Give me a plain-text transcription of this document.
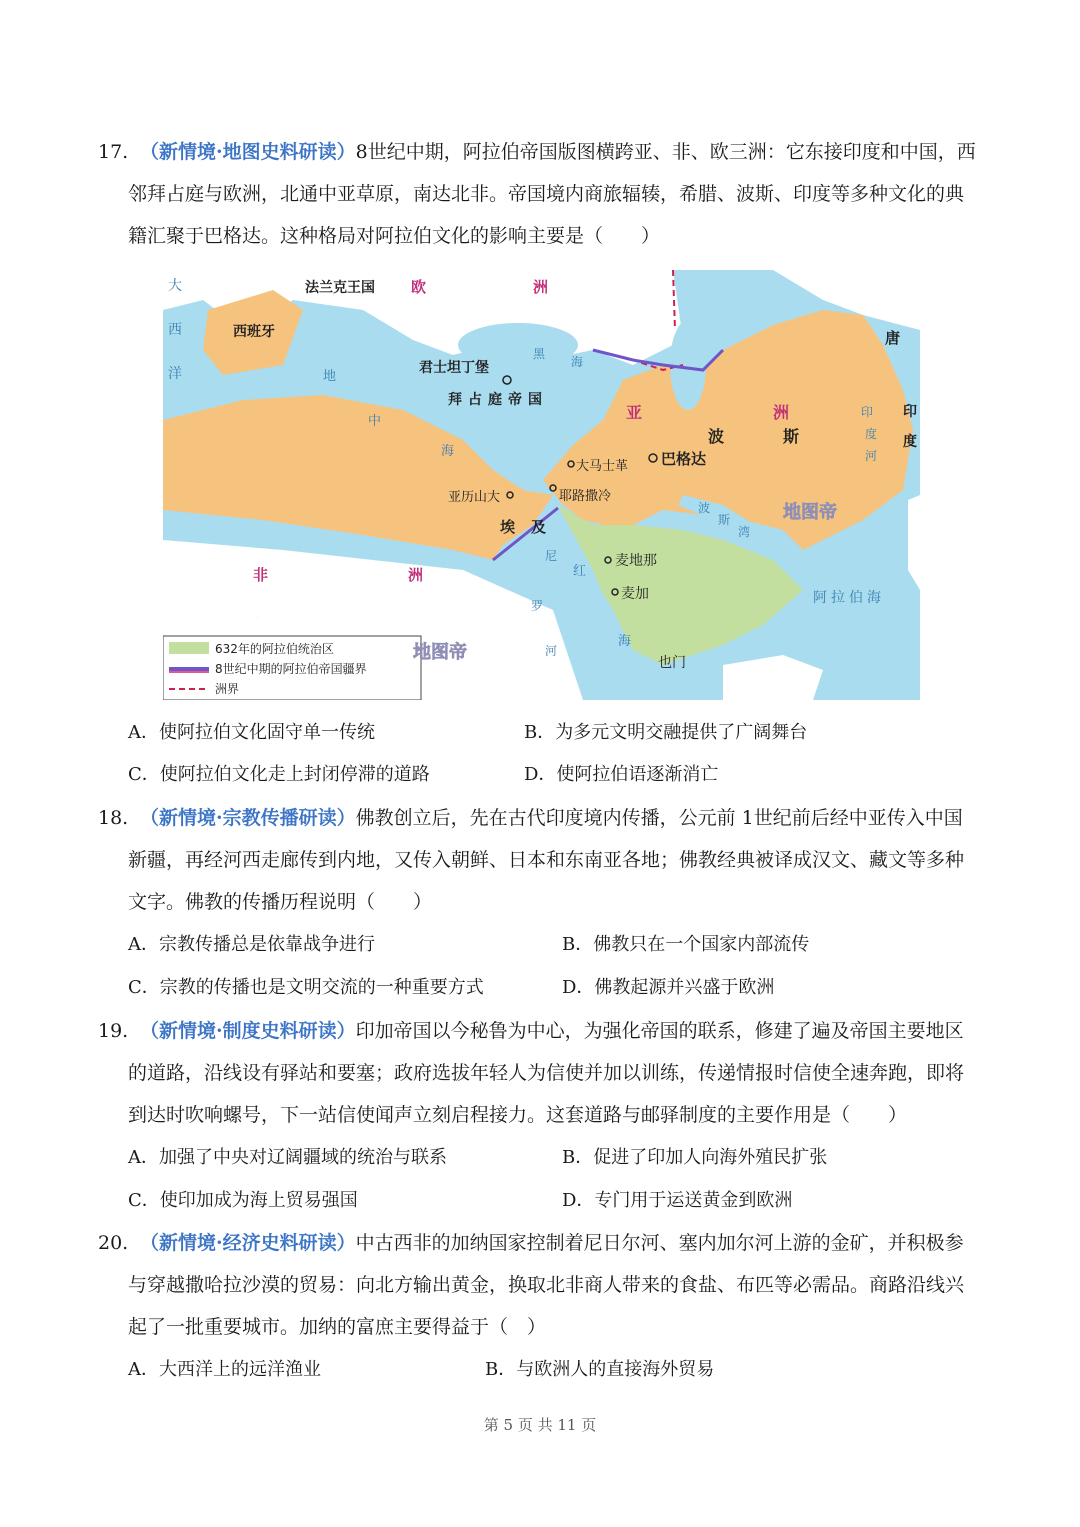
17. （新情境·地图史料研读）8世纪中期，阿拉伯帝国版图横跨亚、非、欧三洲：它东接印度和中国，西
邻拜占庭与欧洲，北通中亚草原，南达北非。帝国境内商旅辐辏，希腊、波斯、印度等多种文化的典
籍汇聚于巴格达。这种格局对阿拉伯文化的影响主要是（　　）
法兰克王国 欧	洲
西班牙
大
西
洋	君士坦丁堡
拜占庭帝国
黑
海
地
中
海
亚	洲
波	斯
巴格达
大马士革
耶路撒冷
亚历山大
埃 及
非	洲
麦地那
麦加
红
海
尼
罗
河
波
斯
湾
阿拉伯海
也门
唐
印
度
印
度
河
地图帝
阿拉伯帝国
632年的阿拉伯统治区
8世纪中期的阿拉伯帝国疆界
洲界
地图帝
A．使阿拉伯文化固守单一传统	B．为多元文明交融提供了广阔舞台
C．使阿拉伯文化走上封闭停滞的道路	D．使阿拉伯语逐渐消亡
18. （新情境·宗教传播研读）佛教创立后，先在古代印度境内传播，公元前 1世纪前后经中亚传入中国
新疆，再经河西走廊传到内地，又传入朝鲜、日本和东南亚各地；佛教经典被译成汉文、藏文等多种
文字。佛教的传播历程说明（　　）
A．宗教传播总是依靠战争进行	B．佛教只在一个国家内部流传
C．宗教的传播也是文明交流的一种重要方式	D．佛教起源并兴盛于欧洲
19. （新情境·制度史料研读）印加帝国以今秘鲁为中心，为强化帝国的联系，修建了遍及帝国主要地区
的道路，沿线设有驿站和要塞；政府选拔年轻人为信使并加以训练，传递情报时信使全速奔跑，即将
到达时吹响螺号，下一站信使闻声立刻启程接力。这套道路与邮驿制度的主要作用是（　　）
A．加强了中央对辽阔疆域的统治与联系	B．促进了印加人向海外殖民扩张
C．使印加成为海上贸易强国	D．专门用于运送黄金到欧洲
20. （新情境·经济史料研读）中古西非的加纳国家控制着尼日尔河、塞内加尔河上游的金矿，并积极参
与穿越撒哈拉沙漠的贸易：向北方输出黄金，换取北非商人带来的食盐、布匹等必需品。商路沿线兴
起了一批重要城市。加纳的富庶主要得益于（　）
A．大西洋上的远洋渔业	B．与欧洲人的直接海外贸易
第 5 页 共 11 页
